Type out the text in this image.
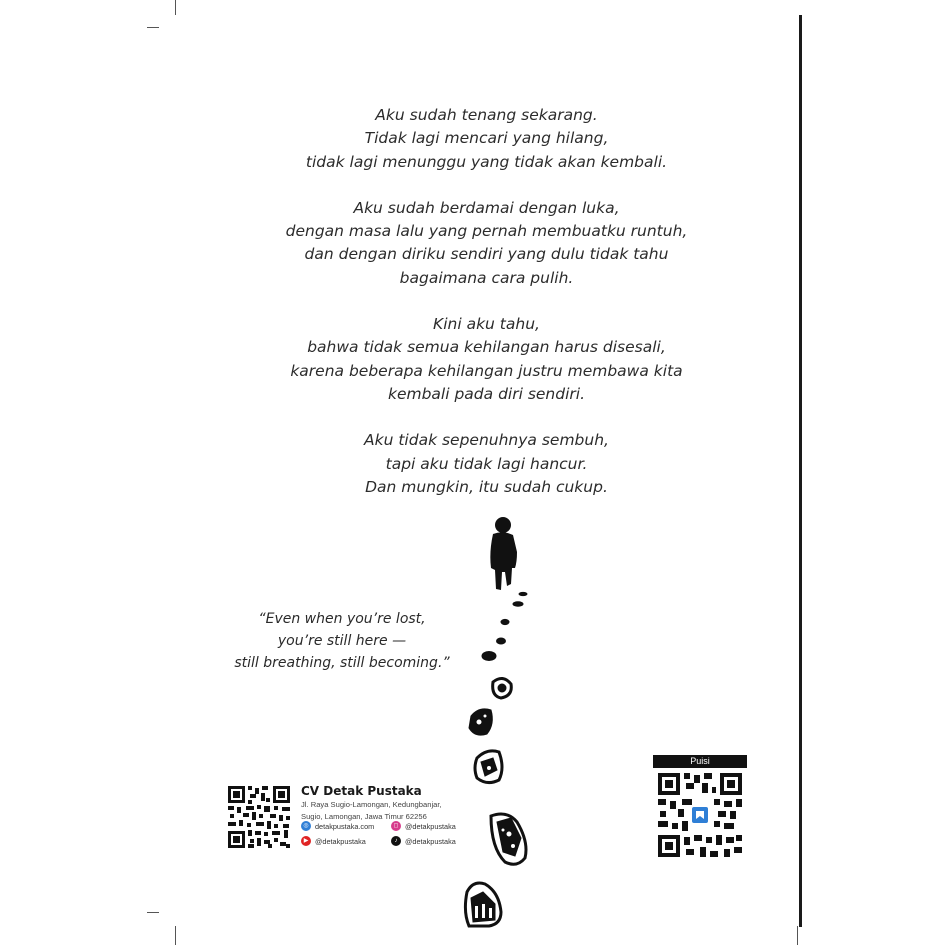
Aku sudah tenang sekarang.
Tidak lagi mencari yang hilang,
tidak lagi menunggu yang tidak akan kembali.
Aku sudah berdamai dengan luka,
dengan masa lalu yang pernah membuatku runtuh,
dan dengan diriku sendiri yang dulu tidak tahu
bagaimana cara pulih.
Kini aku tahu,
bahwa tidak semua kehilangan harus disesali,
karena beberapa kehilangan justru membawa kita
kembali pada diri sendiri.
Aku tidak sepenuhnya sembuh,
tapi aku tidak lagi hancur.
Dan mungkin, itu sudah cukup.
“Even when you’re lost,
you’re still here —
still breathing, still becoming.”
CV Detak Pustaka
Jl. Raya Sugio-Lamongan, Kedungbanjar,
Sugio, Lamongan, Jawa Timur 62256
◎ detakpustaka.com	◻ @detakpustaka
▶ @detakpustaka	♪	@detakpustaka
Puisi
